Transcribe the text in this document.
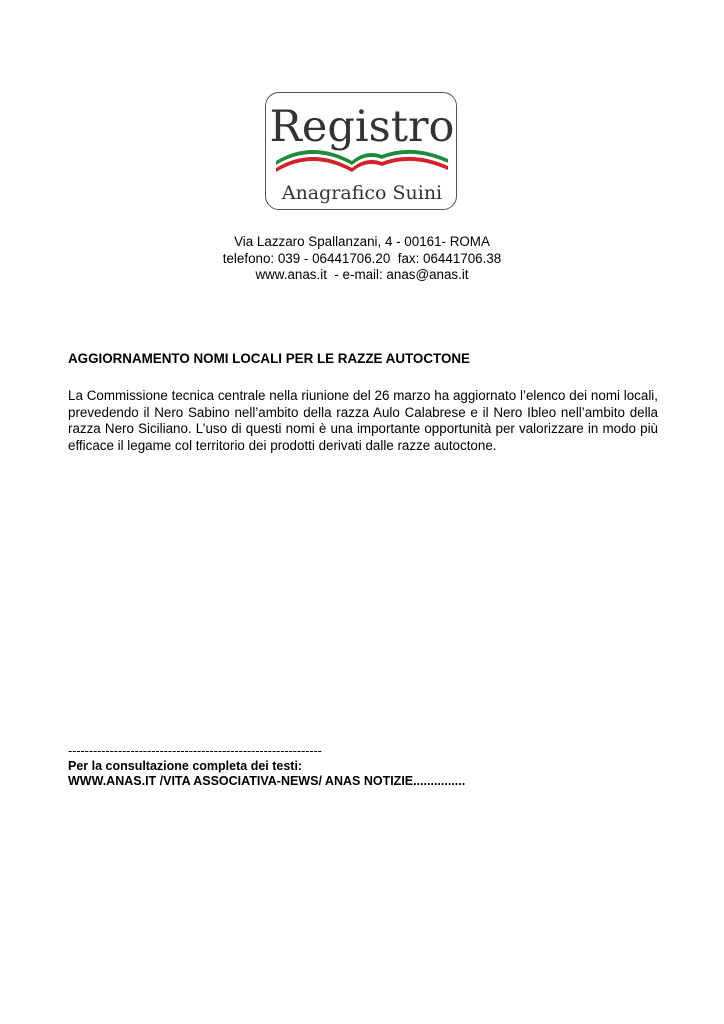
Registro
Anagrafico Suini
Via Lazzaro Spallanzani, 4 - 00161- ROMA
telefono: 039 - 06441706.20  fax: 06441706.38
www.anas.it  - e-mail: anas@anas.it
AGGIORNAMENTO NOMI LOCALI PER LE RAZZE AUTOCTONE
La Commissione tecnica centrale nella riunione del 26 marzo ha aggiornato l’elenco dei nomi locali, prevedendo il Nero Sabino nell’ambito della razza Aulo Calabrese e il Nero Ibleo nell’ambito della razza Nero Siciliano. L’uso di questi nomi è una importante opportunità per valorizzare in modo più efficace il legame col territorio dei prodotti derivati dalle razze autoctone.
-------------------------------------------------------------
Per la consultazione completa dei testi:
WWW.ANAS.IT /VITA ASSOCIATIVA-NEWS/ ANAS NOTIZIE...............
